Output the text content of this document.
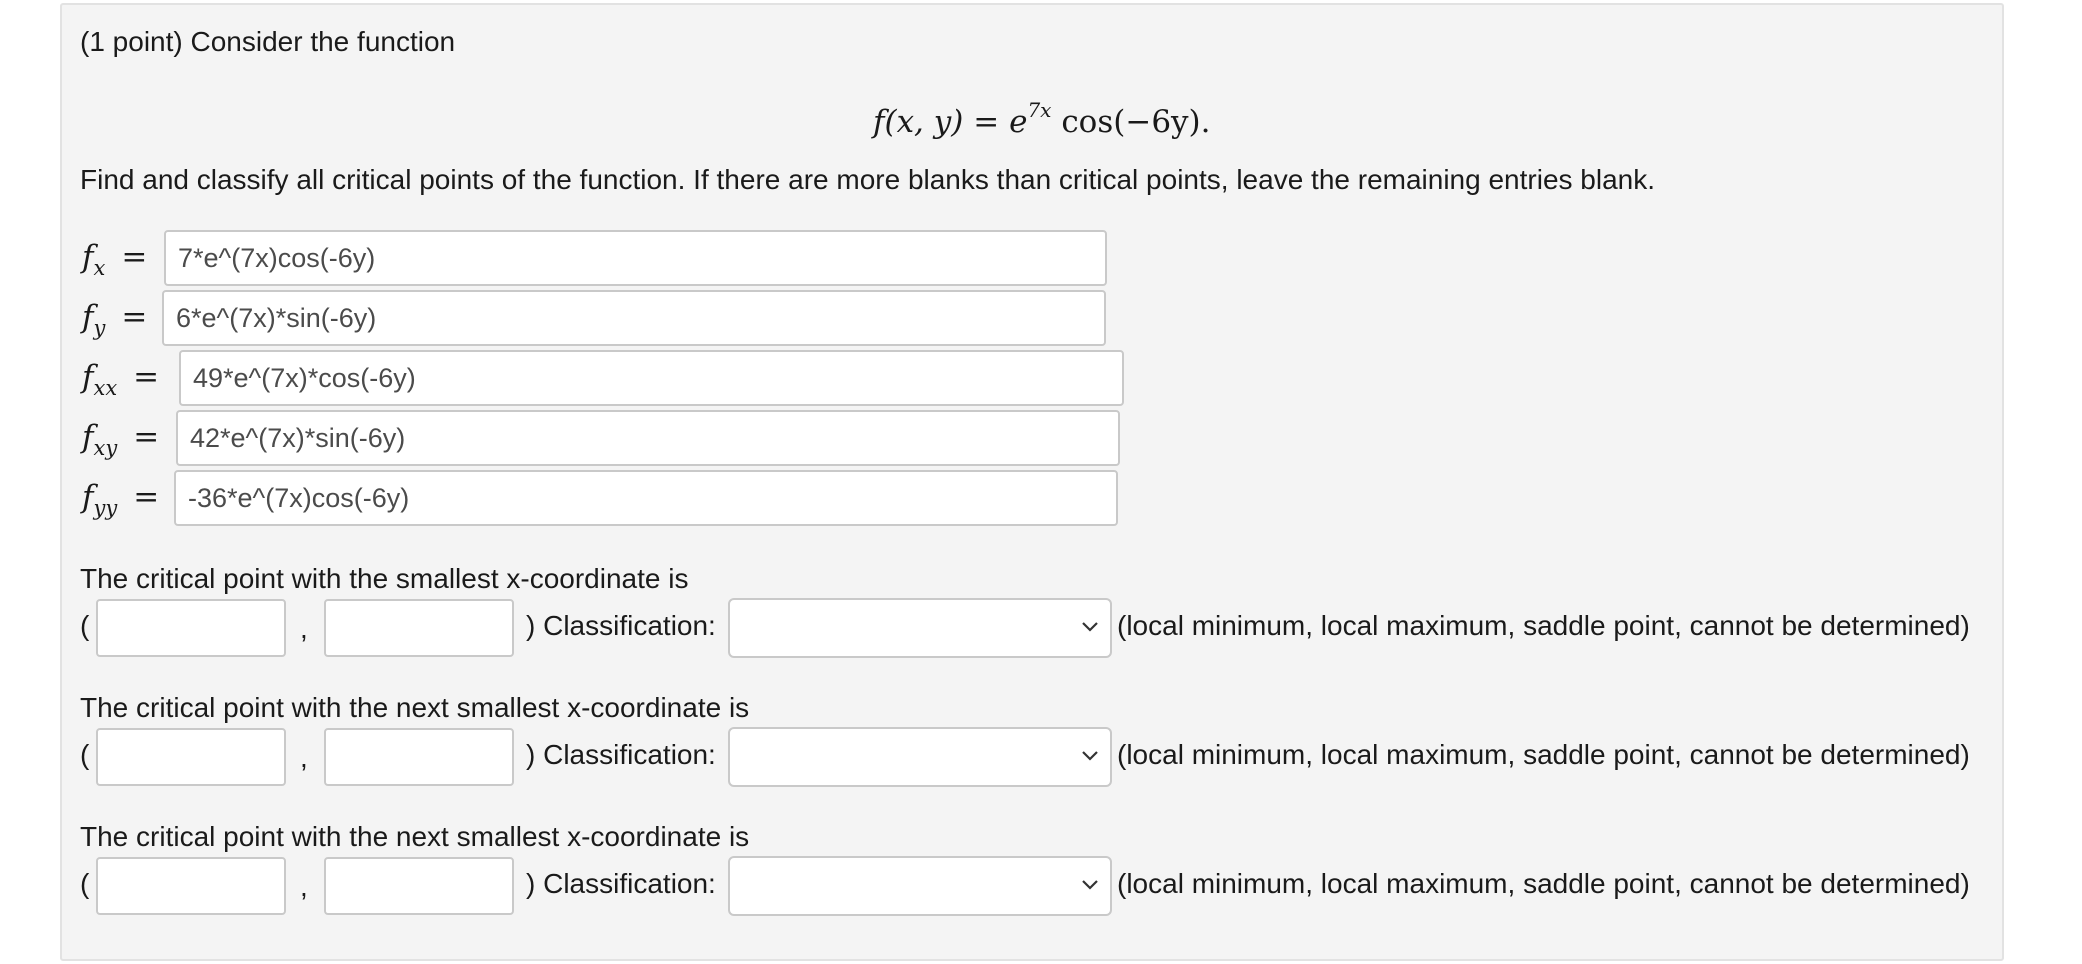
(1 point) Consider the function
f(x, $y) = e^{7x}$ cos(−6y).
Find and classify all critical points of the function. If there are more blanks than critical points, leave the remaining entries blank.
$f_x$ =
7*e^(7x)cos(-6y)
$f_y$ =
6*e^(7x)*sin(-6y)
$f_{xx}$ =
49*e^(7x)*cos(-6y)
$f_{xy}$ =
42*e^(7x)*sin(-6y)
$f_{yy}$ =
-36*e^(7x)cos(-6y)
The critical point with the smallest x-coordinate is
(	,	) Classification:	(local minimum, local maximum, saddle point, cannot be determined)
The critical point with the next smallest x-coordinate is
(	,	) Classification:	(local minimum, local maximum, saddle point, cannot be determined)
The critical point with the next smallest x-coordinate is
(	,	) Classification:	(local minimum, local maximum, saddle point, cannot be determined)
